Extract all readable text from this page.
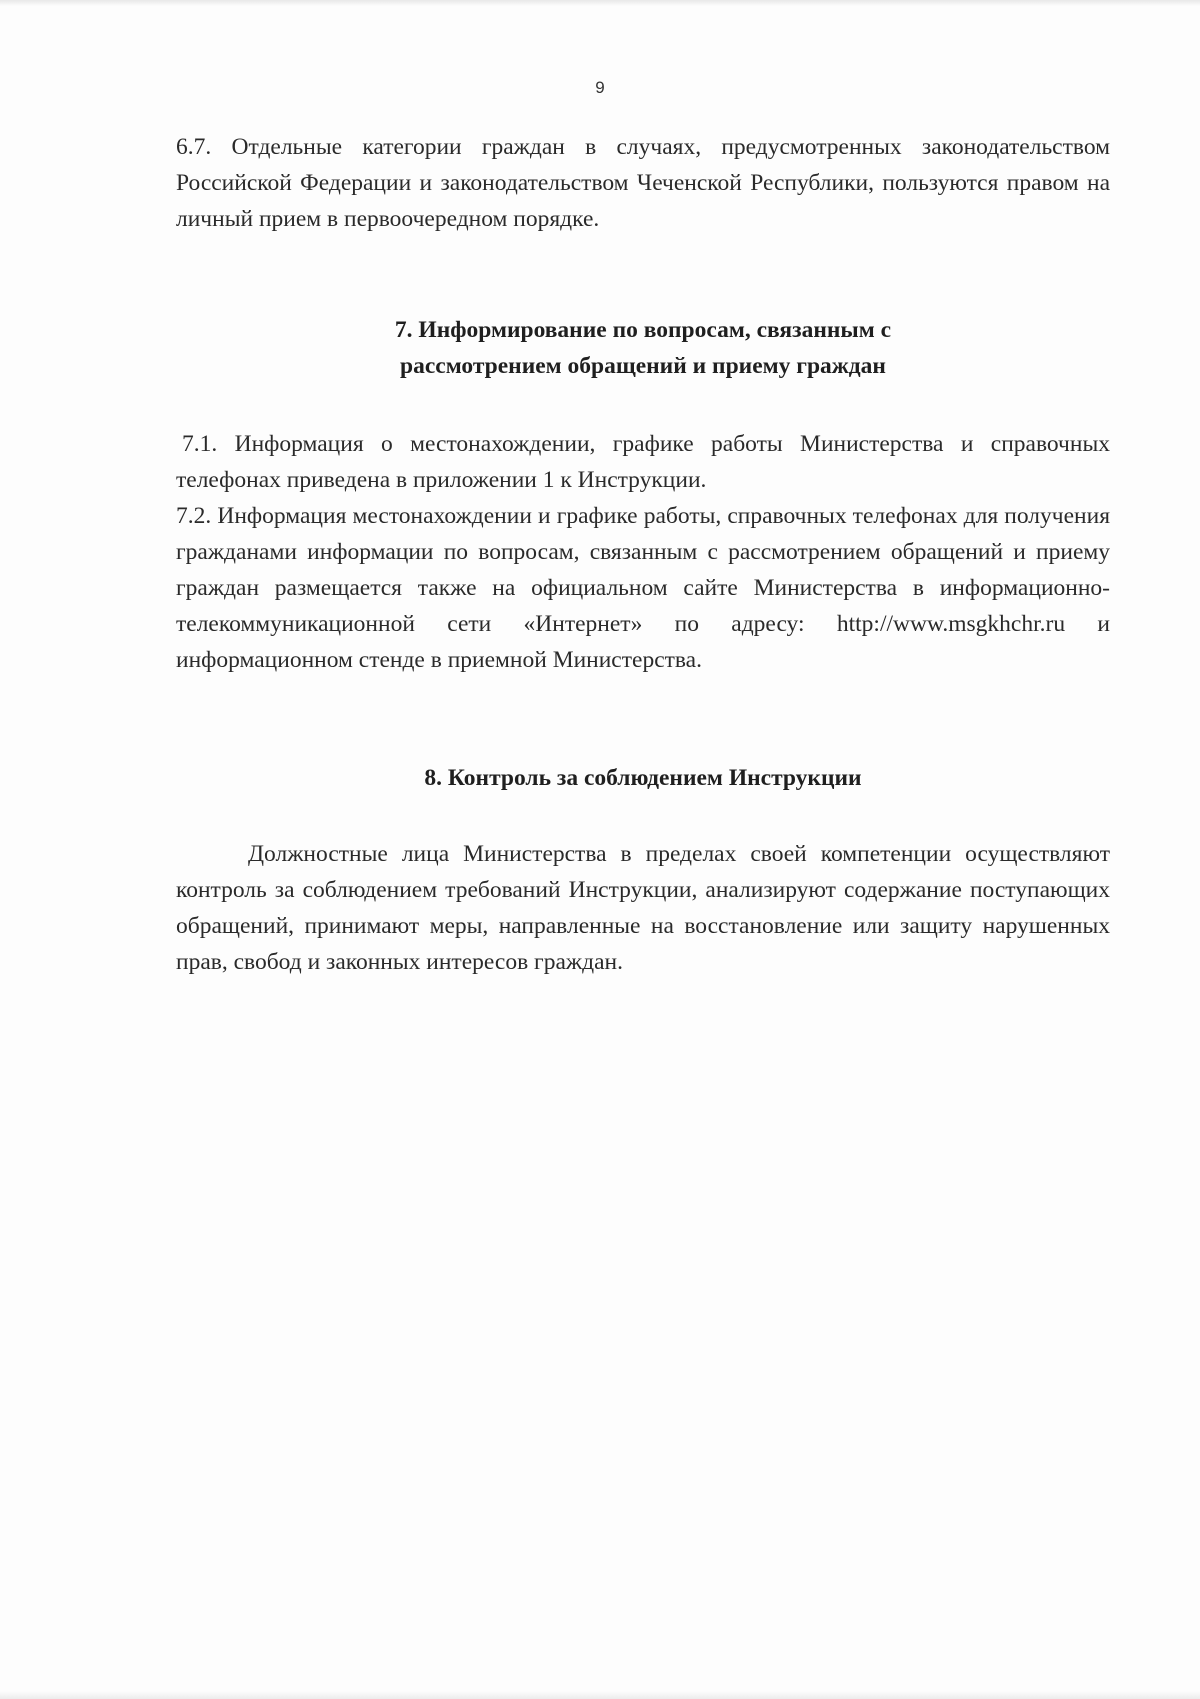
9
6.7. Отдельные категории граждан в случаях, предусмотренных законодательством Российской Федерации и законодательством Чеченской Республики, пользуются правом на личный прием в первоочередном порядке.
7. Информирование по вопросам, связанным с
рассмотрением обращений и приему граждан
7.1. Информация о местонахождении, графике работы Министерства и справочных телефонах приведена в приложении 1 к Инструкции.
7.2. Информация местонахождении и графике работы, справочных телефонах для получения гражданами информации по вопросам, связанным с рассмотрением обращений и приему граждан размещается также на официальном сайте Министерства в информационно-телекоммуникационной сети «Интернет» по адресу: http://www.msgkhchr.ru и информационном стенде в приемной Министерства.
8. Контроль за соблюдением Инструкции
Должностные лица Министерства в пределах своей компетенции осуществляют контроль за соблюдением требований Инструкции, анализируют содержание поступающих обращений, принимают меры, направленные на восстановление или защиту нарушенных прав, свобод и законных интересов граждан.
